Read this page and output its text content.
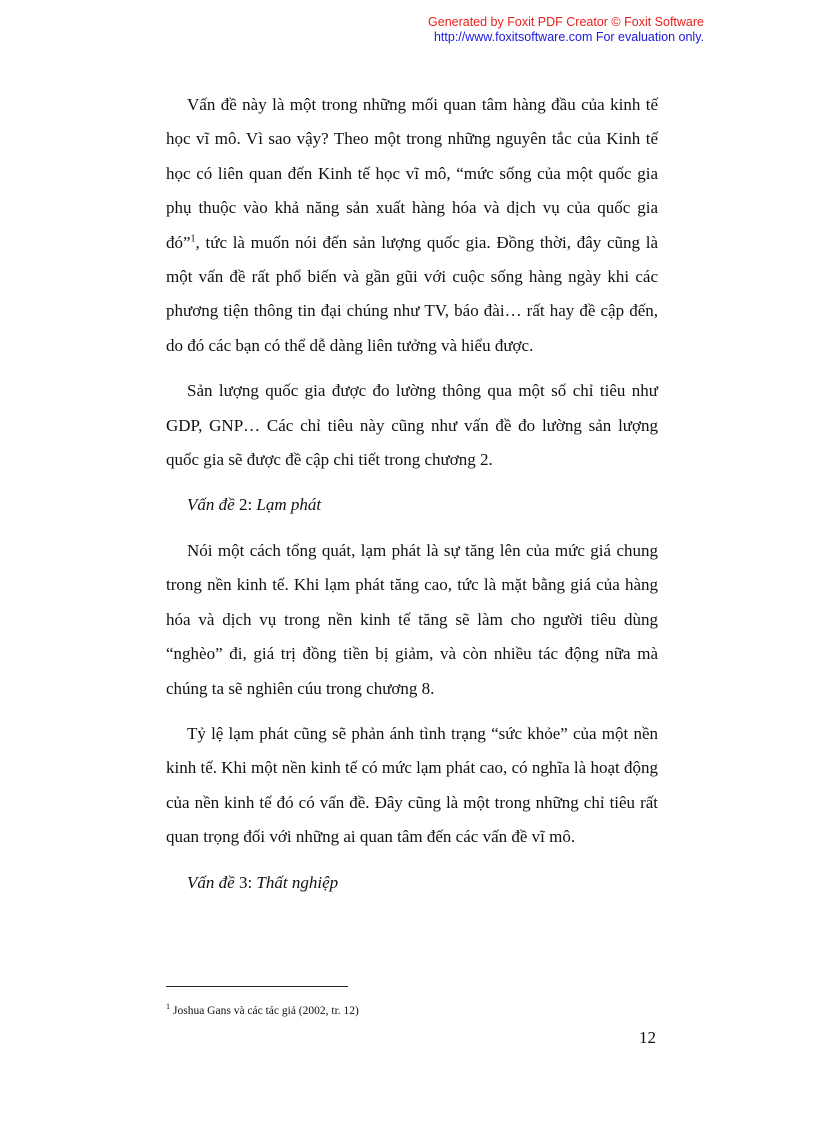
Generated by Foxit PDF Creator © Foxit Software
http://www.foxitsoftware.com For evaluation only.

Vấn đề này là một trong những mối quan tâm hàng đầu của kinh tế học vĩ mô. Vì sao vậy? Theo một trong những nguyên tắc của Kinh tế học có liên quan đến Kinh tế học vĩ mô, “mức sống của một quốc gia phụ thuộc vào khả năng sản xuất hàng hóa và dịch vụ của quốc gia đó”$^1$, tức là muốn nói đến sản lượng quốc gia. Đồng thời, đây cũng là một vấn đề rất phổ biến và gần gũi với cuộc sống hàng ngày khi các phương tiện thông tin đại chúng như TV, báo đài… rất hay đề cập đến, do đó các bạn có thể dễ dàng liên tưởng và hiểu được.

Sản lượng quốc gia được đo lường thông qua một số chỉ tiêu như GDP, GNP… Các chỉ tiêu này cũng như vấn đề đo lường sản lượng quốc gia sẽ được đề cập chi tiết trong chương 2.

Vấn đề 2: Lạm phát

Nói một cách tổng quát, lạm phát là sự tăng lên của mức giá chung trong nền kinh tế. Khi lạm phát tăng cao, tức là mặt bằng giá của hàng hóa và dịch vụ trong nền kinh tế tăng sẽ làm cho người tiêu dùng “nghèo” đi, giá trị đồng tiền bị giảm, và còn nhiều tác động nữa mà chúng ta sẽ nghiên cúu trong chương 8.

Tỷ lệ lạm phát cũng sẽ phản ánh tình trạng “sức khỏe” của một nền kinh tế. Khi một nền kinh tế có mức lạm phát cao, có nghĩa là hoạt động của nền kinh tế đó có vấn đề. Đây cũng là một trong những chỉ tiêu rất quan trọng đối với những ai quan tâm đến các vấn đề vĩ mô.

Vấn đề 3: Thất nghiệp

$^1$ Joshua Gans và các tác giả (2002, tr. 12)
12
